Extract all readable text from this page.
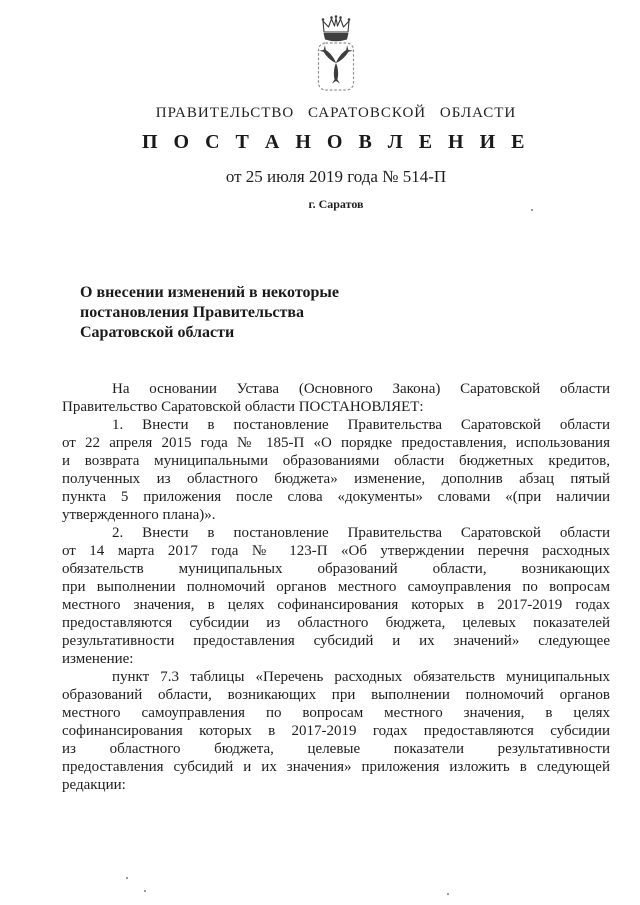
ПРАВИТЕЛЬСТВО САРАТОВСКОЙ ОБЛАСТИ
П О С Т А Н О В Л Е Н И Е
от 25 июля 2019 года № 514-П
г. Саратов
О внесении изменений в некоторые
постановления Правительства
Саратовской области
На основании Устава (Основного Закона) Саратовской области
Правительство Саратовской области ПОСТАНОВЛЯЕТ:
1. Внести в постановление Правительства Саратовской области
от 22 апреля 2015 года № 185-П «О порядке предоставления, использования
и возврата муниципальными образованиями области бюджетных кредитов,
полученных из областного бюджета» изменение, дополнив абзац пятый
пункта 5 приложения после слова «документы» словами «(при наличии
утвержденного плана)».
2. Внести в постановление Правительства Саратовской области
от 14 марта 2017 года № 123-П «Об утверждении перечня расходных
обязательств муниципальных образований области, возникающих
при выполнении полномочий органов местного самоуправления по вопросам
местного значения, в целях софинансирования которых в 2017-2019 годах
предоставляются субсидии из областного бюджета, целевых показателей
результативности предоставления субсидий и их значений» следующее
изменение:
пункт 7.3 таблицы «Перечень расходных обязательств муниципальных
образований области, возникающих при выполнении полномочий органов
местного самоуправления по вопросам местного значения, в целях
софинансирования которых в 2017-2019 годах предоставляются субсидии
из областного бюджета, целевые показатели результативности
предоставления субсидий и их значения» приложения изложить в следующей
редакции:
